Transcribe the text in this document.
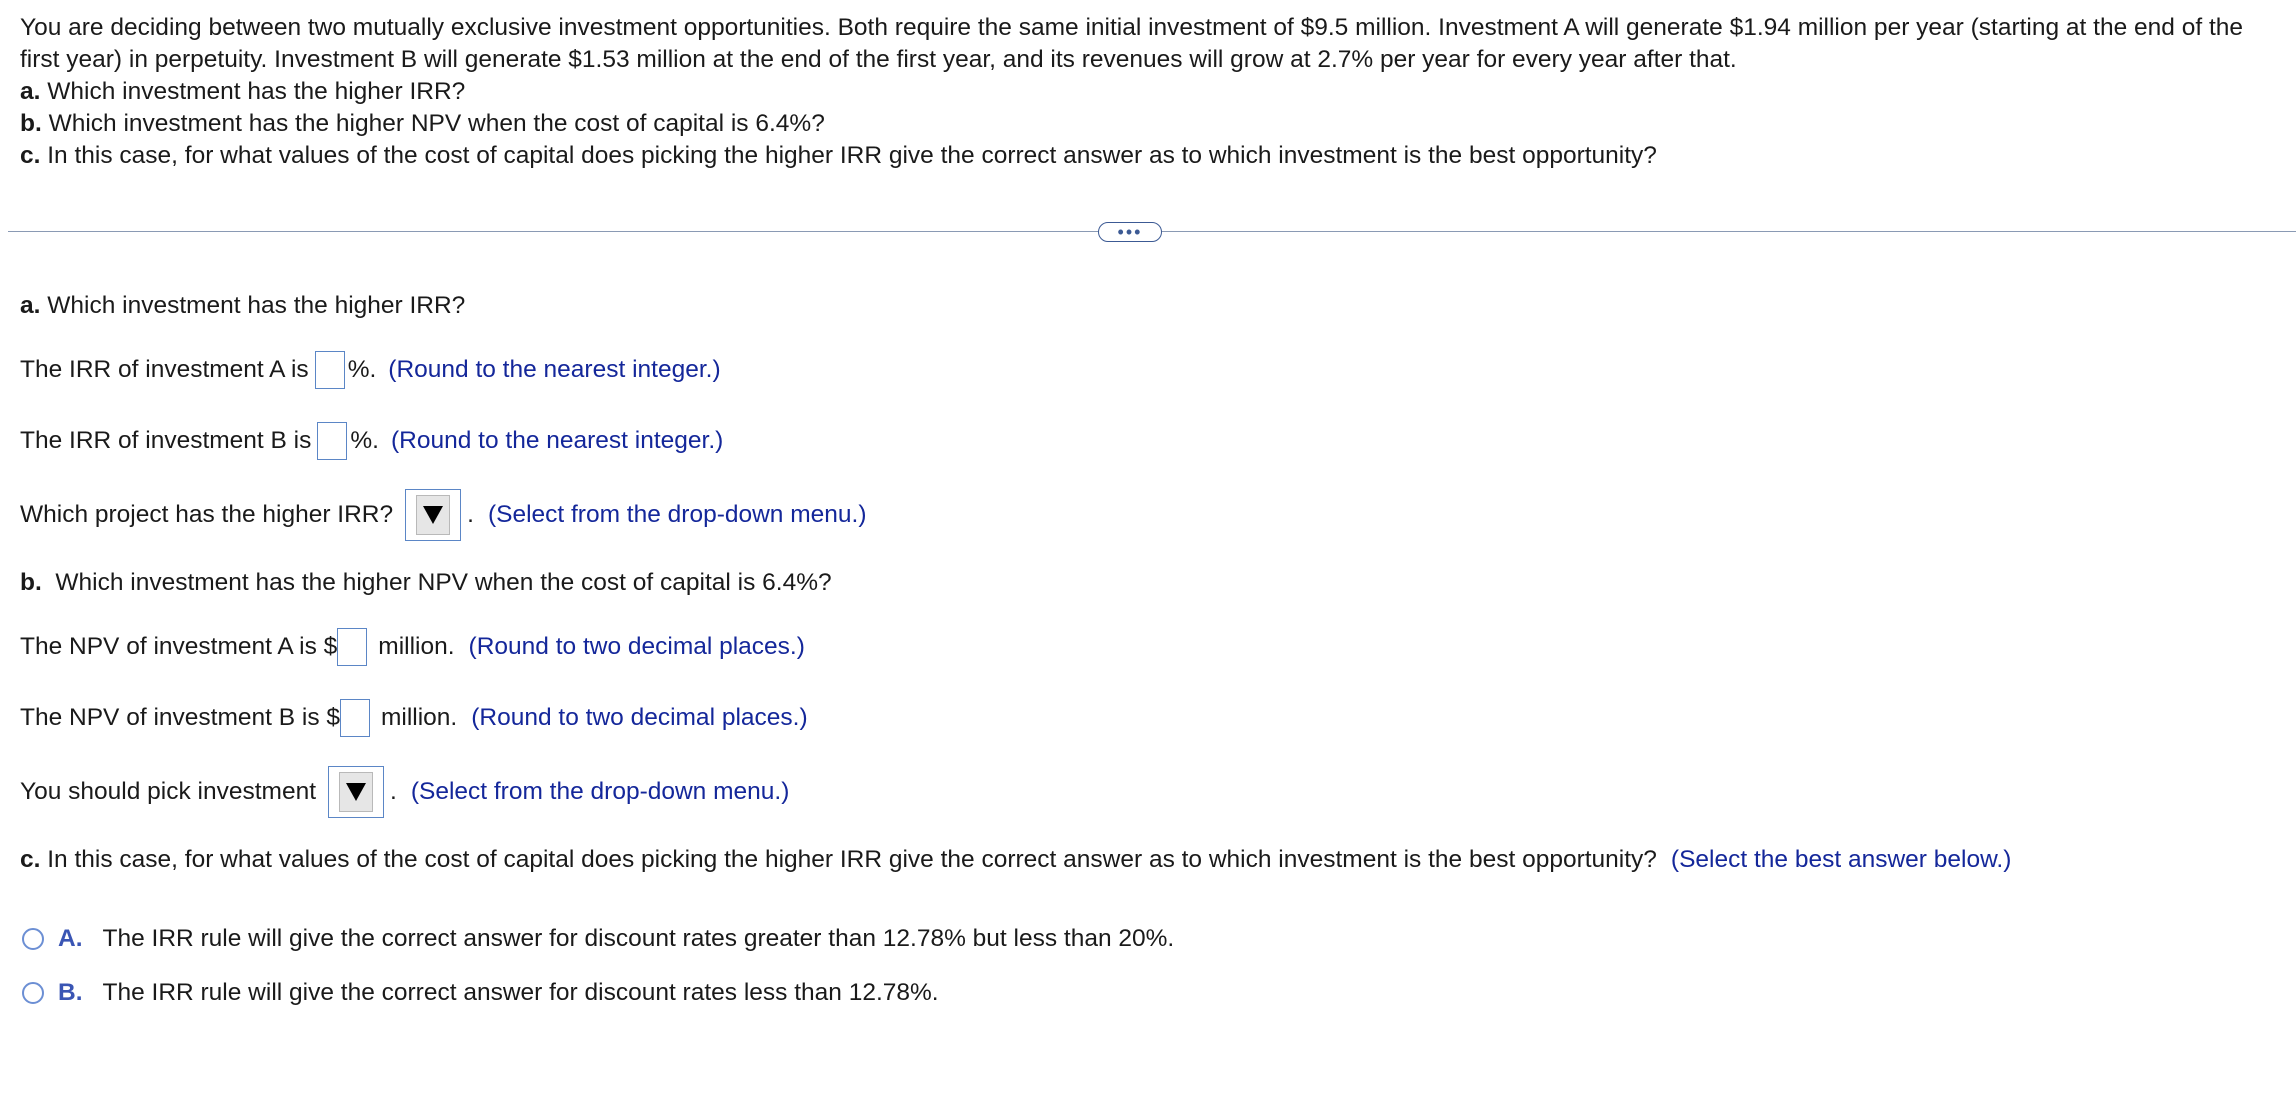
You are deciding between two mutually exclusive investment opportunities. Both require the same initial investment of $9.5 million. Investment A will generate $1.94 million per year (starting at the end of the first year) in perpetuity. Investment B will generate $1.53 million at the end of the first year, and its revenues will grow at 2.7% per year for every year after that.

a. Which investment has the higher IRR?

b. Which investment has the higher NPV when the cost of capital is 6.4%?

c. In this case, for what values of the cost of capital does picking the higher IRR give the correct answer as to which investment is the best opportunity?

•••
a. Which investment has the higher IRR?
The IRR of investment A is %. (Round to the nearest integer.)
The IRR of investment B is %. (Round to the nearest integer.)
Which project has the higher IRR?	. (Select from the drop-down menu.)
b. Which investment has the higher NPV when the cost of capital is 6.4%?
The NPV of investment A is $ million. (Round to two decimal places.)
The NPV of investment B is $ million. (Round to two decimal places.)
You should pick investment	. (Select from the drop-down menu.)
c. In this case, for what values of the cost of capital does picking the higher IRR give the correct answer as to which investment is the best opportunity? (Select the best answer below.)
A. The IRR rule will give the correct answer for discount rates greater than 12.78% but less than 20%.
B. The IRR rule will give the correct answer for discount rates less than 12.78%.
